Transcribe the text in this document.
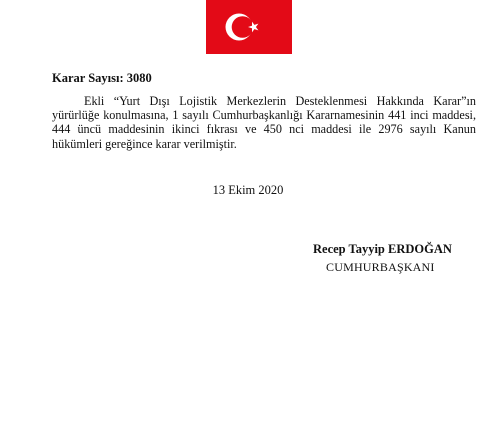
Karar Sayısı: 3080

Ekli “Yurt Dışı Lojistik Merkezlerin Desteklenmesi Hakkında Karar”ın yürürlüğe konulmasına, 1 sayılı Cumhurbaşkanlığı Kararnamesinin 441 inci maddesi, 444 üncü maddesinin ikinci fıkrası ve 450 nci maddesi ile 2976 sayılı Kanun hükümleri gereğince karar verilmiştir.

13 Ekim 2020
Recep Tayyip ERDOĞAN
CUMHURBAŞKANI
